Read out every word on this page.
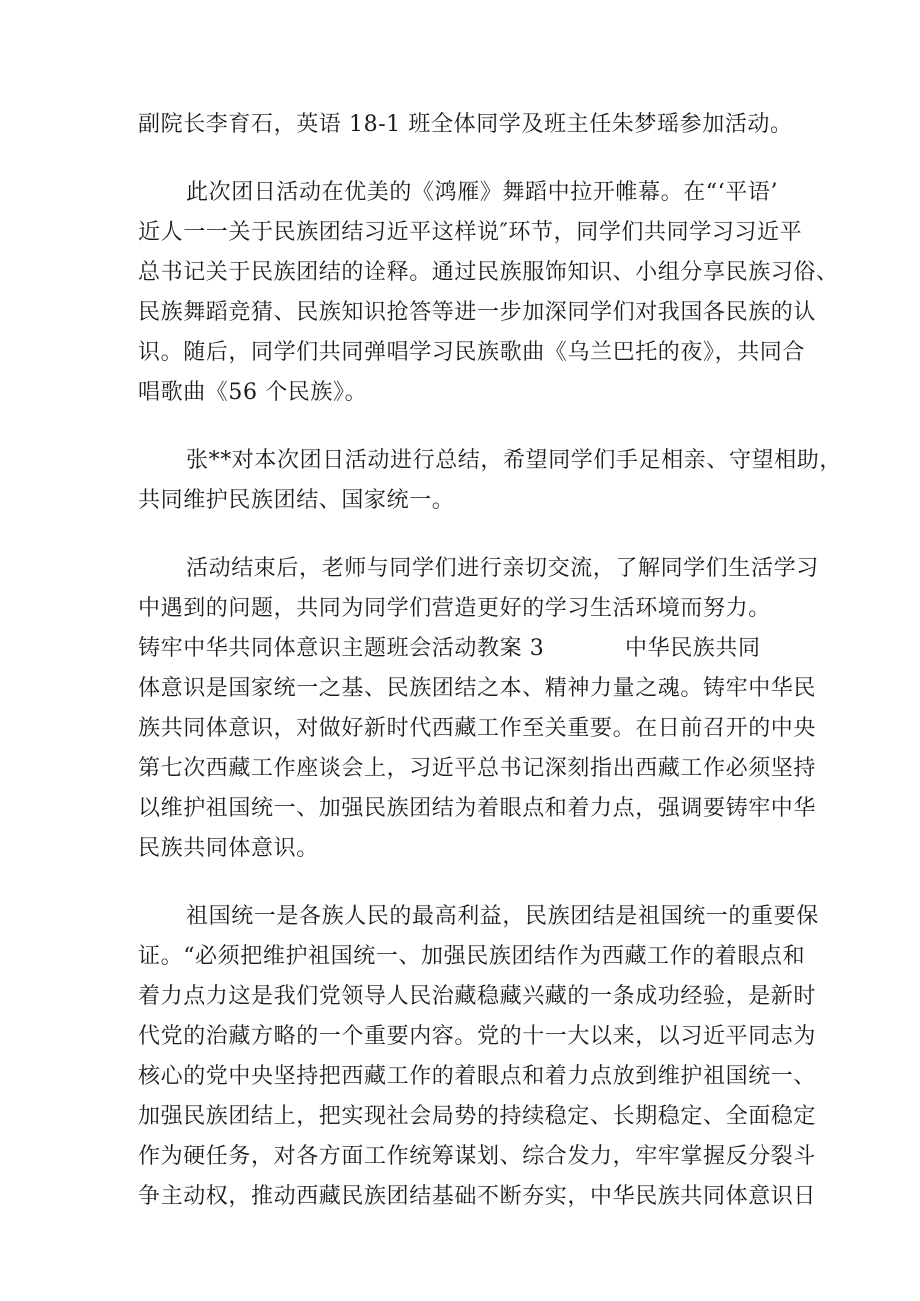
副院长李育石，英语 18-1 班全体同学及班主任朱梦瑶参加活动。
此次团日活动在优美的《鸿雁》舞蹈中拉开帷幕。在“‘平语’
近人一一关于民族团结习近平这样说″环节，同学们共同学习习近平
总书记关于民族团结的诠释。通过民族服饰知识、小组分享民族习俗、
民族舞蹈竞猜、民族知识抢答等进一步加深同学们对我国各民族的认
识。随后，同学们共同弹唱学习民族歌曲《乌兰巴托的夜》，共同合
唱歌曲《56 个民族》。
张**对本次团日活动进行总结，希望同学们手足相亲、守望相助，
共同维护民族团结、国家统一。
活动结束后，老师与同学们进行亲切交流，了解同学们生活学习
中遇到的问题，共同为同学们营造更好的学习生活环境而努力。
铸牢中华共同体意识主题班会活动教案 3	中华民族共同
体意识是国家统一之基、民族团结之本、精神力量之魂。铸牢中华民
族共同体意识，对做好新时代西藏工作至关重要。在日前召开的中央
第七次西藏工作座谈会上，习近平总书记深刻指出西藏工作必须坚持
以维护祖国统一、加强民族团结为着眼点和着力点，强调要铸牢中华
民族共同体意识。
祖国统一是各族人民的最高利益，民族团结是祖国统一的重要保
证。“必须把维护祖国统一、加强民族团结作为西藏工作的着眼点和
着力点力这是我们党领导人民治藏稳藏兴藏的一条成功经验，是新时
代党的治藏方略的一个重要内容。党的十一大以来，以习近平同志为
核心的党中央坚持把西藏工作的着眼点和着力点放到维护祖国统一、
加强民族团结上，把实现社会局势的持续稳定、长期稳定、全面稳定
作为硬任务，对各方面工作统筹谋划、综合发力，牢牢掌握反分裂斗
争主动权，推动西藏民族团结基础不断夯实，中华民族共同体意识日
